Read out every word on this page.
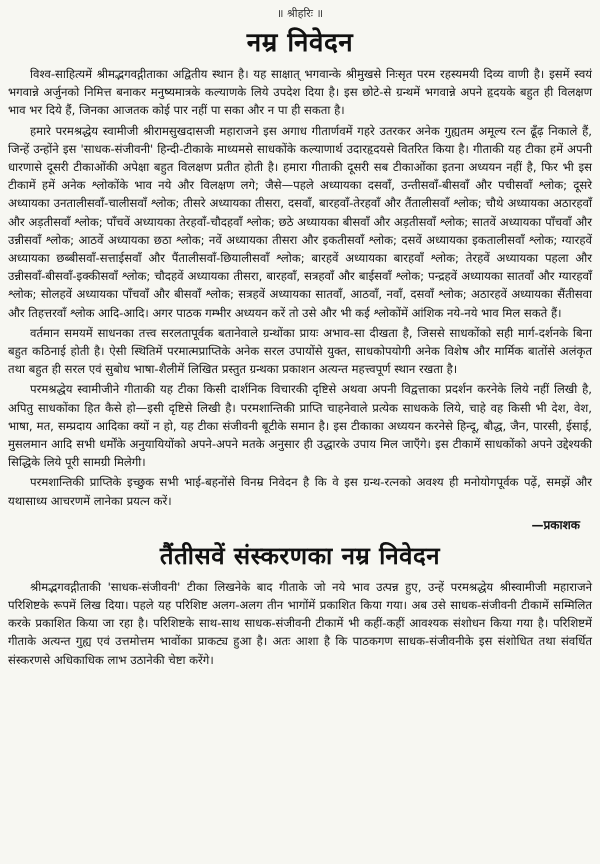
॥ श्रीहरिः ॥
नम्र निवेदन

विश्व-साहित्यमें श्रीमद्भगवद्गीताका अद्वितीय स्थान है। यह साक्षात् भगवान्के श्रीमुखसे निःसृत परम रहस्यमयी दिव्य वाणी है। इसमें स्वयं भगवान्ने अर्जुनको निमित्त बनाकर मनुष्यमात्रके कल्याणके लिये उपदेश दिया है। इस छोटे-से ग्रन्थमें भगवान्ने अपने हृदयके बहुत ही विलक्षण भाव भर दिये हैं, जिनका आजतक कोई पार नहीं पा सका और न पा ही सकता है।

हमारे परमश्रद्धेय स्वामीजी श्रीरामसुखदासजी महाराजने इस अगाध गीतार्णवमें गहरे उतरकर अनेक गुह्यतम अमूल्य रत्न ढूँढ़ निकाले हैं, जिन्हें उन्होंने इस 'साधक-संजीवनी' हिन्दी-टीकाके माध्यमसे साधकोंके कल्याणार्थ उदारहृदयसे वितरित किया है। गीताकी यह टीका हमें अपनी धारणासे दूसरी टीकाओंकी अपेक्षा बहुत विलक्षण प्रतीत होती है। हमारा गीताकी दूसरी सब टीकाओंका इतना अध्ययन नहीं है, फिर भी इस टीकामें हमें अनेक श्लोकोंके भाव नये और विलक्षण लगे; जैसे—पहले अध्यायका दसवाँ, उन्तीसवाँ-बीसवाँ और पचीसवाँ श्लोक; दूसरे अध्यायका उनतालीसवाँ-चालीसवाँ श्लोक; तीसरे अध्यायका तीसरा, दसवाँ, बारहवाँ-तेरहवाँ और तैंतालीसवाँ श्लोक; चौथे अध्यायका अठारहवाँ और अड़तीसवाँ श्लोक; पाँचवें अध्यायका तेरहवाँ-चौदहवाँ श्लोक; छठे अध्यायका बीसवाँ और अड़तीसवाँ श्लोक; सातवें अध्यायका पाँचवाँ और उन्नीसवाँ श्लोक; आठवें अध्यायका छठा श्लोक; नवें अध्यायका तीसरा और इकतीसवाँ श्लोक; दसवें अध्यायका इकतालीसवाँ श्लोक; ग्यारहवें अध्यायका छब्बीसवाँ-सत्ताईसवाँ और पैंतालीसवाँ-छियालीसवाँ श्लोक; बारहवें अध्यायका बारहवाँ श्लोक; तेरहवें अध्यायका पहला और उन्नीसवाँ-बीसवाँ-इक्कीसवाँ श्लोक; चौदहवें अध्यायका तीसरा, बारहवाँ, सत्रहवाँ और बाईसवाँ श्लोक; पन्द्रहवें अध्यायका सातवाँ और ग्यारहवाँ श्लोक; सोलहवें अध्यायका पाँचवाँ और बीसवाँ श्लोक; सत्रहवें अध्यायका सातवाँ, आठवाँ, नवाँ, दसवाँ श्लोक; अठारहवें अध्यायका सैंतीसवा और तिहत्तरवाँ श्लोक आदि-आदि। अगर पाठक गम्भीर अध्ययन करें तो उसे और भी कई श्लोकोंमें आंशिक नये-नये भाव मिल सकते हैं।

वर्तमान समयमें साधनका तत्त्व सरलतापूर्वक बतानेवाले ग्रन्थोंका प्रायः अभाव-सा दीखता है, जिससे साधकोंको सही मार्ग-दर्शनके बिना बहुत कठिनाई होती है। ऐसी स्थितिमें परमात्मप्राप्तिके अनेक सरल उपायोंसे युक्त, साधकोपयोगी अनेक विशेष और मार्मिक बातोंसे अलंकृत तथा बहुत ही सरल एवं सुबोध भाषा-शैलीमें लिखित प्रस्तुत ग्रन्थका प्रकाशन अत्यन्त महत्त्वपूर्ण स्थान रखता है।

परमश्रद्धेय स्वामीजीने गीताकी यह टीका किसी दार्शनिक विचारकी दृष्टिसे अथवा अपनी विद्वत्ताका प्रदर्शन करनेके लिये नहीं लिखी है, अपितु साधकोंका हित कैसे हो—इसी दृष्टिसे लिखी है। परमशान्तिकी प्राप्ति चाहनेवाले प्रत्येक साधकके लिये, चाहे वह किसी भी देश, वेश, भाषा, मत, सम्प्रदाय आदिका क्यों न हो, यह टीका संजीवनी बूटीके समान है। इस टीकाका अध्ययन करनेसे हिन्दू, बौद्ध, जैन, पारसी, ईसाई, मुसलमान आदि सभी धर्मोंके अनुयायियोंको अपने-अपने मतके अनुसार ही उद्धारके उपाय मिल जाएँगे। इस टीकामें साधकोंको अपने उद्देश्यकी सिद्धिके लिये पूरी सामग्री मिलेगी।

परमशान्तिकी प्राप्तिके इच्छुक सभी भाई-बहनोंसे विनम्र निवेदन है कि वे इस ग्रन्थ-रत्नको अवश्य ही मनोयोगपूर्वक पढ़ें, समझें और यथासाध्य आचरणमें लानेका प्रयत्न करें।

—प्रकाशक
तैंतीसवें संस्करणका नम्र निवेदन

श्रीमद्भगवद्गीताकी 'साधक-संजीवनी' टीका लिखनेके बाद गीताके जो नये भाव उत्पन्न हुए, उन्हें परमश्रद्धेय श्रीस्वामीजी महाराजने परिशिष्टके रूपमें लिख दिया। पहले यह परिशिष्ट अलग-अलग तीन भागोंमें प्रकाशित किया गया। अब उसे साधक-संजीवनी टीकामें सम्मिलित करके प्रकाशित किया जा रहा है। परिशिष्टके साथ-साथ साधक-संजीवनी टीकामें भी कहीं-कहीं आवश्यक संशोधन किया गया है। परिशिष्टमें गीताके अत्यन्त गुह्य एवं उत्तमोत्तम भावोंका प्राकट्य हुआ है। अतः आशा है कि पाठकगण साधक-संजीवनीके इस संशोधित तथा संवर्धित संस्करणसे अधिकाधिक लाभ उठानेकी चेष्टा करेंगे।
